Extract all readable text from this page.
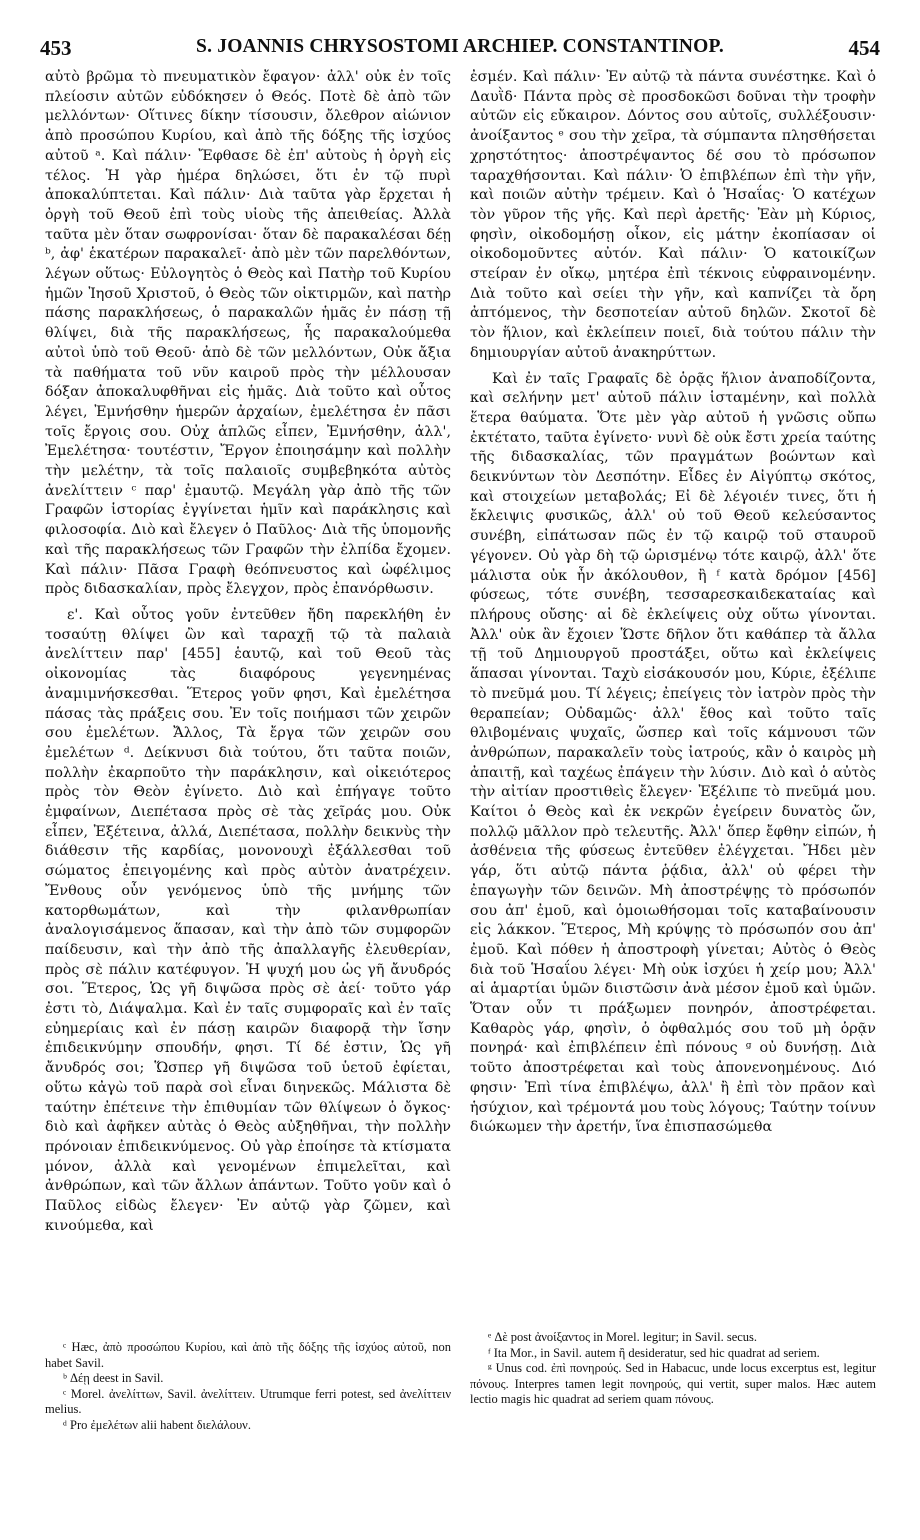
453	S. JOANNIS CHRYSOSTOMI ARCHIEP. CONSTANTINOP.	454

αὐτὸ βρῶμα τὸ πνευματικὸν ἔφαγον· ἀλλ' οὐκ ἐν τοῖς πλείοσιν αὐτῶν εὐδόκησεν ὁ Θεός. Ποτὲ δὲ ἀπὸ τῶν μελλόντων· Οἵτινες δίκην τίσουσιν, ὄλεθρον αἰώνιον ἀπὸ προσώπου Κυρίου, καὶ ἀπὸ τῆς δόξης τῆς ἰσχύος αὐτοῦ ᵃ. Καὶ πάλιν· Ἔφθασε δὲ ἐπ' αὐτοὺς ἡ ὀργὴ εἰς τέλος. Ἡ γὰρ ἡμέρα δηλώσει, ὅτι ἐν τῷ πυρὶ ἀποκαλύπτεται. Καὶ πάλιν· Διὰ ταῦτα γὰρ ἔρχεται ἡ ὀργὴ τοῦ Θεοῦ ἐπὶ τοὺς υἱοὺς τῆς ἀπειθείας. Ἀλλὰ ταῦτα μὲν ὅταν σωφρονίσαι· ὅταν δὲ παρακαλέσαι δέῃ ᵇ, ἀφ' ἑκατέρων παρακαλεῖ· ἀπὸ μὲν τῶν παρελθόντων, λέγων οὕτως· Εὐλογητὸς ὁ Θεὸς καὶ Πατὴρ τοῦ Κυρίου ἡμῶν Ἰησοῦ Χριστοῦ, ὁ Θεὸς τῶν οἰκτιρμῶν, καὶ πατὴρ πάσης παρακλήσεως, ὁ παρακαλῶν ἡμᾶς ἐν πάσῃ τῇ θλίψει, διὰ τῆς παρακλήσεως, ἧς παρακαλούμεθα αὐτοὶ ὑπὸ τοῦ Θεοῦ· ἀπὸ δὲ τῶν μελλόντων, Οὐκ ἄξια τὰ παθήματα τοῦ νῦν καιροῦ πρὸς τὴν μέλλουσαν δόξαν ἀποκαλυφθῆναι εἰς ἡμᾶς. Διὰ τοῦτο καὶ οὗτος λέγει, Ἐμνήσθην ἡμερῶν ἀρχαίων, ἐμελέτησα ἐν πᾶσι τοῖς ἔργοις σου. Οὐχ ἁπλῶς εἶπεν, Ἐμνήσθην, ἀλλ', Ἐμελέτησα· τουτέστιν, Ἔργον ἐποιησάμην καὶ πολλὴν τὴν μελέτην, τὰ τοῖς παλαιοῖς συμβεβηκότα αὐτὸς ἀνελίττειν ᶜ παρ' ἐμαυτῷ. Μεγάλη γὰρ ἀπὸ τῆς τῶν Γραφῶν ἱστορίας ἐγγίνεται ἡμῖν καὶ παράκλησις καὶ φιλοσοφία. Διὸ καὶ ἔλεγεν ὁ Παῦλος· Διὰ τῆς ὑπομονῆς καὶ τῆς παρακλήσεως τῶν Γραφῶν τὴν ἐλπίδα ἔχομεν. Καὶ πάλιν· Πᾶσα Γραφὴ θεόπνευστος καὶ ὠφέλιμος πρὸς διδασκαλίαν, πρὸς ἔλεγχον, πρὸς ἐπανόρθωσιν.

ε'. Καὶ οὗτος γοῦν ἐντεῦθεν ἤδη παρεκλήθη ἐν τοσαύτῃ θλίψει ὢν καὶ ταραχῇ τῷ τὰ παλαιὰ ἀνελίττειν παρ' [455] ἑαυτῷ, καὶ τοῦ Θεοῦ τὰς οἰκονομίας τὰς διαφόρους γεγενημένας ἀναμιμνήσκεσθαι. Ἕτερος γοῦν φησι, Καὶ ἐμελέτησα πάσας τὰς πράξεις σου. Ἐν τοῖς ποιήμασι τῶν χειρῶν σου ἐμελέτων. Ἄλλος, Τὰ ἔργα τῶν χειρῶν σου ἐμελέτων ᵈ. Δείκνυσι διὰ τούτου, ὅτι ταῦτα ποιῶν, πολλὴν ἐκαρποῦτο τὴν παράκλησιν, καὶ οἰκειότερος πρὸς τὸν Θεὸν ἐγίνετο. Διὸ καὶ ἐπήγαγε τοῦτο ἐμφαίνων, Διεπέτασα πρὸς σὲ τὰς χεῖράς μου. Οὐκ εἶπεν, Ἐξέτεινα, ἀλλά, Διεπέτασα, πολλὴν δεικνὺς τὴν διάθεσιν τῆς καρδίας, μονονουχὶ ἐξάλλεσθαι τοῦ σώματος ἐπειγομένης καὶ πρὸς αὐτὸν ἀνατρέχειν. Ἔνθους οὖν γενόμενος ὑπὸ τῆς μνήμης τῶν κατορθωμάτων, καὶ τὴν φιλανθρωπίαν ἀναλογισάμενος ἅπασαν, καὶ τὴν ἀπὸ τῶν συμφορῶν παίδευσιν, καὶ τὴν ἀπὸ τῆς ἀπαλλαγῆς ἐλευθερίαν, πρὸς σὲ πάλιν κατέφυγον. Ἡ ψυχή μου ὡς γῆ ἄνυδρός σοι. Ἕτερος, Ὡς γῆ διψῶσα πρὸς σὲ ἀεί· τοῦτο γάρ ἐστι τὸ, Διάψαλμα. Καὶ ἐν ταῖς συμφοραῖς καὶ ἐν ταῖς εὐημερίαις καὶ ἐν πάσῃ καιρῶν διαφορᾷ τὴν ἴσην ἐπιδεικνύμην σπουδήν, φησι. Τί δέ ἐστιν, Ὡς γῆ ἄνυδρός σοι; Ὥσπερ γῆ διψῶσα τοῦ ὑετοῦ ἐφίεται, οὕτω κἀγὼ τοῦ παρὰ σοὶ εἶναι διηνεκῶς. Μάλιστα δὲ ταύτην ἐπέτεινε τὴν ἐπιθυμίαν τῶν θλίψεων ὁ ὄγκος· διὸ καὶ ἀφῆκεν αὐτὰς ὁ Θεὸς αὐξηθῆναι, τὴν πολλὴν πρόνοιαν ἐπιδεικνύμενος. Οὐ γὰρ ἐποίησε τὰ κτίσματα μόνον, ἀλλὰ καὶ γενομένων ἐπιμελεῖται, καὶ ἀνθρώπων, καὶ τῶν ἄλλων ἁπάντων. Τοῦτο γοῦν καὶ ὁ Παῦλος εἰδὼς ἔλεγεν· Ἐν αὐτῷ γὰρ ζῶμεν, καὶ κινούμεθα, καὶ

ἐσμέν. Καὶ πάλιν· Ἐν αὐτῷ τὰ πάντα συνέστηκε. Καὶ ὁ Δαυῒδ· Πάντα πρὸς σὲ προσδοκῶσι δοῦναι τὴν τροφὴν αὐτῶν εἰς εὔκαιρον. Δόντος σου αὐτοῖς, συλλέξουσιν· ἀνοίξαντος ᵉ σου τὴν χεῖρα, τὰ σύμπαντα πλησθήσεται χρηστότητος· ἀποστρέψαντος δέ σου τὸ πρόσωπον ταραχθήσονται. Καὶ πάλιν· Ὁ ἐπιβλέπων ἐπὶ τὴν γῆν, καὶ ποιῶν αὐτὴν τρέμειν. Καὶ ὁ Ἡσαΐας· Ὁ κατέχων τὸν γῦρον τῆς γῆς. Καὶ περὶ ἀρετῆς· Ἐὰν μὴ Κύριος, φησὶν, οἰκοδομήσῃ οἶκον, εἰς μάτην ἐκοπίασαν οἱ οἰκοδομοῦντες αὐτόν. Καὶ πάλιν· Ὁ κατοικίζων στείραν ἐν οἴκῳ, μητέρα ἐπὶ τέκνοις εὐφραινομένην. Διὰ τοῦτο καὶ σείει τὴν γῆν, καὶ καπνίζει τὰ ὄρη ἀπτόμενος, τὴν δεσποτείαν αὐτοῦ δηλῶν. Σκοτοῖ δὲ τὸν ἥλιον, καὶ ἐκλείπειν ποιεῖ, διὰ τούτου πάλιν τὴν δημιουργίαν αὐτοῦ ἀνακηρύττων.

Καὶ ἐν ταῖς Γραφαῖς δὲ ὁρᾷς ἥλιον ἀναποδίζοντα, καὶ σελήνην μετ' αὐτοῦ πάλιν ἱσταμένην, καὶ πολλὰ ἕτερα θαύματα. Ὅτε μὲν γὰρ αὐτοῦ ἡ γνῶσις οὔπω ἐκτέτατο, ταῦτα ἐγίνετο· νυνὶ δὲ οὐκ ἔστι χρεία ταύτης τῆς διδασκαλίας, τῶν πραγμάτων βοώντων καὶ δεικνύντων τὸν Δεσπότην. Εἶδες ἐν Αἰγύπτῳ σκότος, καὶ στοιχείων μεταβολάς; Εἰ δὲ λέγοιέν τινες, ὅτι ἡ ἔκλειψις φυσικῶς, ἀλλ' οὐ τοῦ Θεοῦ κελεύσαντος συνέβη, εἰπάτωσαν πῶς ἐν τῷ καιρῷ τοῦ σταυροῦ γέγονεν. Οὐ γὰρ δὴ τῷ ὡρισμένῳ τότε καιρῷ, ἀλλ' ὅτε μάλιστα οὐκ ἦν ἀκόλουθον, ἢ ᶠ κατὰ δρόμον [456] φύσεως, τότε συνέβη, τεσσαρεσκαιδεκαταίας καὶ πλήρους οὔσης· αἱ δὲ ἐκλείψεις οὐχ οὕτω γίνονται. Ἀλλ' οὐκ ἂν ἔχοιεν Ὥστε δῆλον ὅτι καθάπερ τὰ ἄλλα τῇ τοῦ Δημιουργοῦ προστάξει, οὕτω καὶ ἐκλείψεις ἅπασαι γίνονται. Ταχὺ εἰσάκουσόν μου, Κύριε, ἐξέλιπε τὸ πνεῦμά μου. Τί λέγεις; ἐπείγεις τὸν ἰατρὸν πρὸς τὴν θεραπείαν; Οὐδαμῶς· ἀλλ' ἔθος καὶ τοῦτο ταῖς θλιβομέναις ψυχαῖς, ὥσπερ καὶ τοῖς κάμνουσι τῶν ἀνθρώπων, παρακαλεῖν τοὺς ἰατρούς, κἂν ὁ καιρὸς μὴ ἀπαιτῇ, καὶ ταχέως ἐπάγειν τὴν λύσιν. Διὸ καὶ ὁ αὐτὸς τὴν αἰτίαν προστιθεὶς ἔλεγεν· Ἐξέλιπε τὸ πνεῦμά μου. Καίτοι ὁ Θεὸς καὶ ἐκ νεκρῶν ἐγείρειν δυνατὸς ὤν, πολλῷ μᾶλλον πρὸ τελευτῆς. Ἀλλ' ὅπερ ἔφθην εἰπών, ἡ ἀσθένεια τῆς φύσεως ἐντεῦθεν ἐλέγχεται. Ἤδει μὲν γάρ, ὅτι αὐτῷ πάντα ῥᾴδια, ἀλλ' οὐ φέρει τὴν ἐπαγωγὴν τῶν δεινῶν. Μὴ ἀποστρέψῃς τὸ πρόσωπόν σου ἀπ' ἐμοῦ, καὶ ὁμοιωθήσομαι τοῖς καταβαίνουσιν εἰς λάκκον. Ἕτερος, Μὴ κρύψῃς τὸ πρόσωπόν σου ἀπ' ἐμοῦ. Καὶ πόθεν ἡ ἀποστροφὴ γίνεται; Αὐτὸς ὁ Θεὸς διὰ τοῦ Ἡσαΐου λέγει· Μὴ οὐκ ἰσχύει ἡ χείρ μου; Ἀλλ' αἱ ἁμαρτίαι ὑμῶν διιστῶσιν ἀνὰ μέσον ἐμοῦ καὶ ὑμῶν. Ὅταν οὖν τι πράξωμεν πονηρόν, ἀποστρέφεται. Καθαρὸς γάρ, φησὶν, ὁ ὀφθαλμός σου τοῦ μὴ ὁρᾷν πονηρά· καὶ ἐπιβλέπειν ἐπὶ πόνους ᵍ οὐ δυνήσῃ. Διὰ τοῦτο ἀποστρέφεται καὶ τοὺς ἀπονενοημένους. Διό φησιν· Ἐπὶ τίνα ἐπιβλέψω, ἀλλ' ἢ ἐπὶ τὸν πρᾶον καὶ ἡσύχιον, καὶ τρέμοντά μου τοὺς λόγους; Ταύτην τοίνυν διώκωμεν τὴν ἀρετήν, ἵνα ἐπισπασώμεθα

ᶜ Hæc, ἀπὸ προσώπου Κυρίου, καὶ ἀπὸ τῆς δόξης τῆς ἰσχύος αὐτοῦ, non habet Savil.

ᵇ Δέῃ deest in Savil.

ᶜ Morel. ἀνελίττων, Savil. ἀνελίττειν. Utrumque ferri potest, sed ἀνελίττειν melius.

ᵈ Pro ἐμελέτων alii habent διελάλουν.

ᵉ Δὲ post ἀνοίξαντος in Morel. legitur; in Savil. secus.

ᶠ Ita Mor., in Savil. autem ἢ desideratur, sed hic quadrat ad seriem.

ᵍ Unus cod. ἐπὶ πονηρούς. Sed in Habacuc, unde locus excerptus est, legitur πόνους. Interpres tamen legit πονηρούς, qui vertit, super malos. Hæc autem lectio magis hic quadrat ad seriem quam πόνους.
